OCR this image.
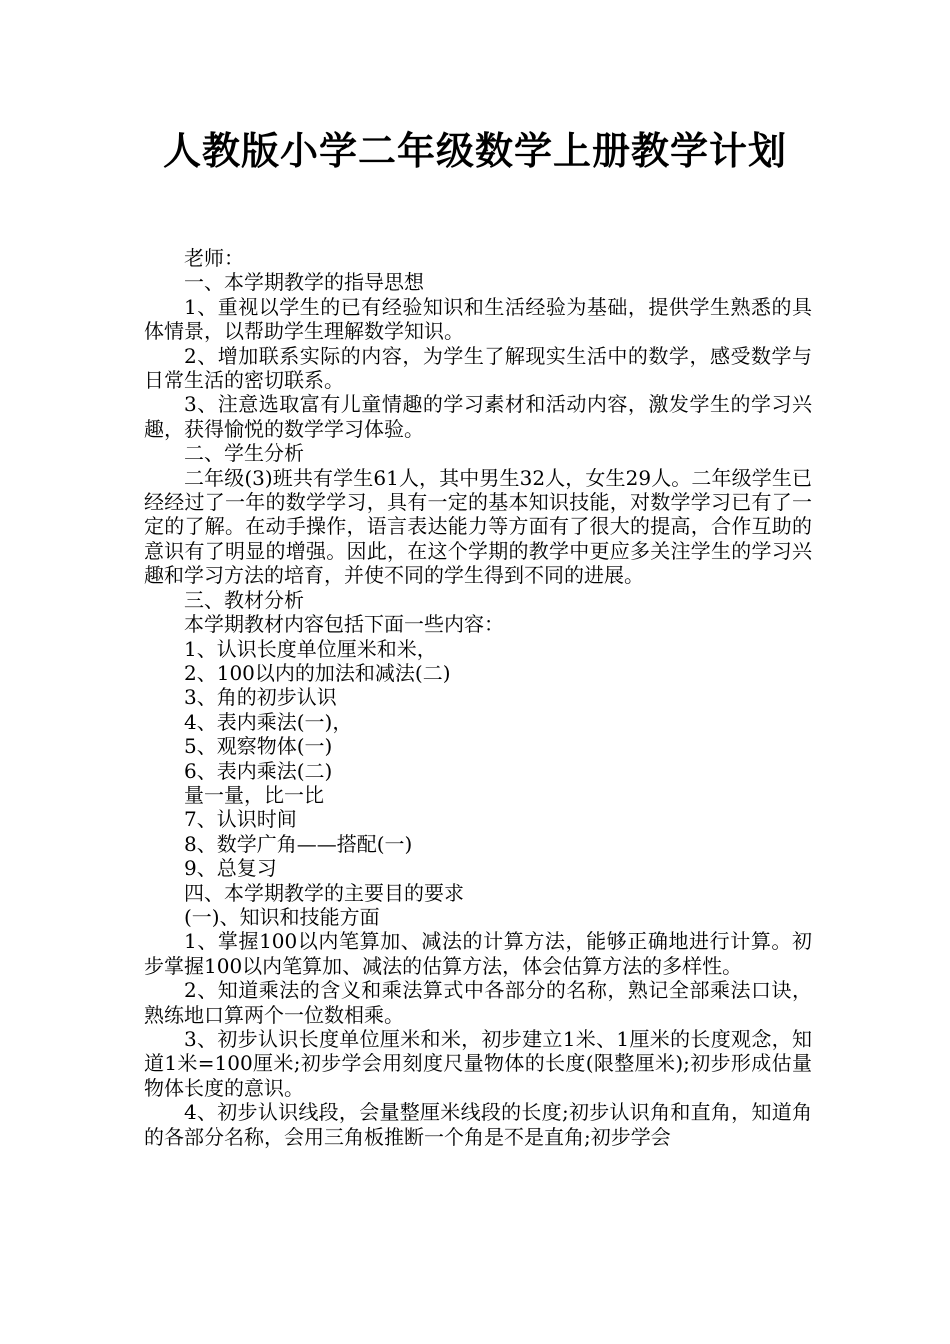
人教版小学二年级数学上册教学计划

老师：

一、本学期教学的指导思想

1、重视以学生的已有经验知识和生活经验为基础，提供学生熟悉的具体情景，以帮助学生理解数学知识。

2、增加联系实际的内容，为学生了解现实生活中的数学，感受数学与日常生活的密切联系。

3、注意选取富有儿童情趣的学习素材和活动内容，激发学生的学习兴趣，获得愉悦的数学学习体验。

二、学生分析

二年级(3)班共有学生61人，其中男生32人，女生29人。二年级学生已经经过了一年的数学学习，具有一定的基本知识技能，对数学学习已有了一定的了解。在动手操作，语言表达能力等方面有了很大的提高，合作互助的意识有了明显的增强。因此，在这个学期的教学中更应多关注学生的学习兴趣和学习方法的培育，并使不同的学生得到不同的进展。

三、教材分析

本学期教材内容包括下面一些内容：

1、认识长度单位厘米和米，

2、100以内的加法和减法(二)

3、角的初步认识

4、表内乘法(一)，

5、观察物体(一)

6、表内乘法(二)

量一量，比一比

7、认识时间

8、数学广角——搭配(一)

9、总复习

四、本学期教学的主要目的要求

(一)、知识和技能方面

1、掌握100以内笔算加、减法的计算方法，能够正确地进行计算。初步掌握100以内笔算加、减法的估算方法，体会估算方法的多样性。

2、知道乘法的含义和乘法算式中各部分的名称，熟记全部乘法口诀，熟练地口算两个一位数相乘。

3、初步认识长度单位厘米和米，初步建立1米、1厘米的长度观念，知道1米=100厘米;初步学会用刻度尺量物体的长度(限整厘米);初步形成估量物体长度的意识。

4、初步认识线段，会量整厘米线段的长度;初步认识角和直角，知道角的各部分名称，会用三角板推断一个角是不是直角;初步学会
